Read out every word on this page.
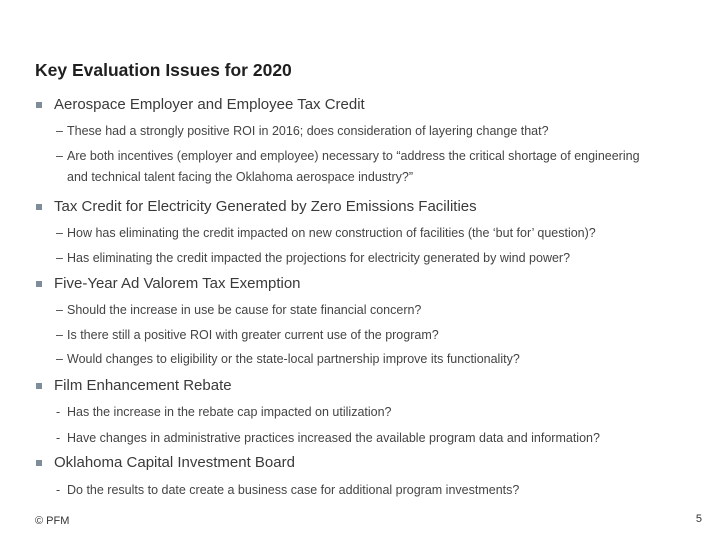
Key Evaluation Issues for 2020
Aerospace Employer and Employee Tax Credit
– These had a strongly positive ROI in 2016; does consideration of layering change that?
– Are both incentives (employer and employee) necessary to “address the critical shortage of engineering and technical talent facing the Oklahoma aerospace industry?”
Tax Credit for Electricity Generated by Zero Emissions Facilities
– How has eliminating the credit impacted on new construction of facilities (the ‘but for’ question)?
– Has eliminating the credit impacted the projections for electricity generated by wind power?
Five-Year Ad Valorem Tax Exemption
– Should the increase in use be cause for state financial concern?
– Is there still a positive ROI with greater current use of the program?
– Would changes to eligibility or the state-local partnership improve its functionality?
Film Enhancement Rebate
- Has the increase in the rebate cap impacted on utilization?
- Have changes in administrative practices increased the available program data and information?
Oklahoma Capital Investment Board
- Do the results to date create a business case for additional program investments?
© PFM	5
